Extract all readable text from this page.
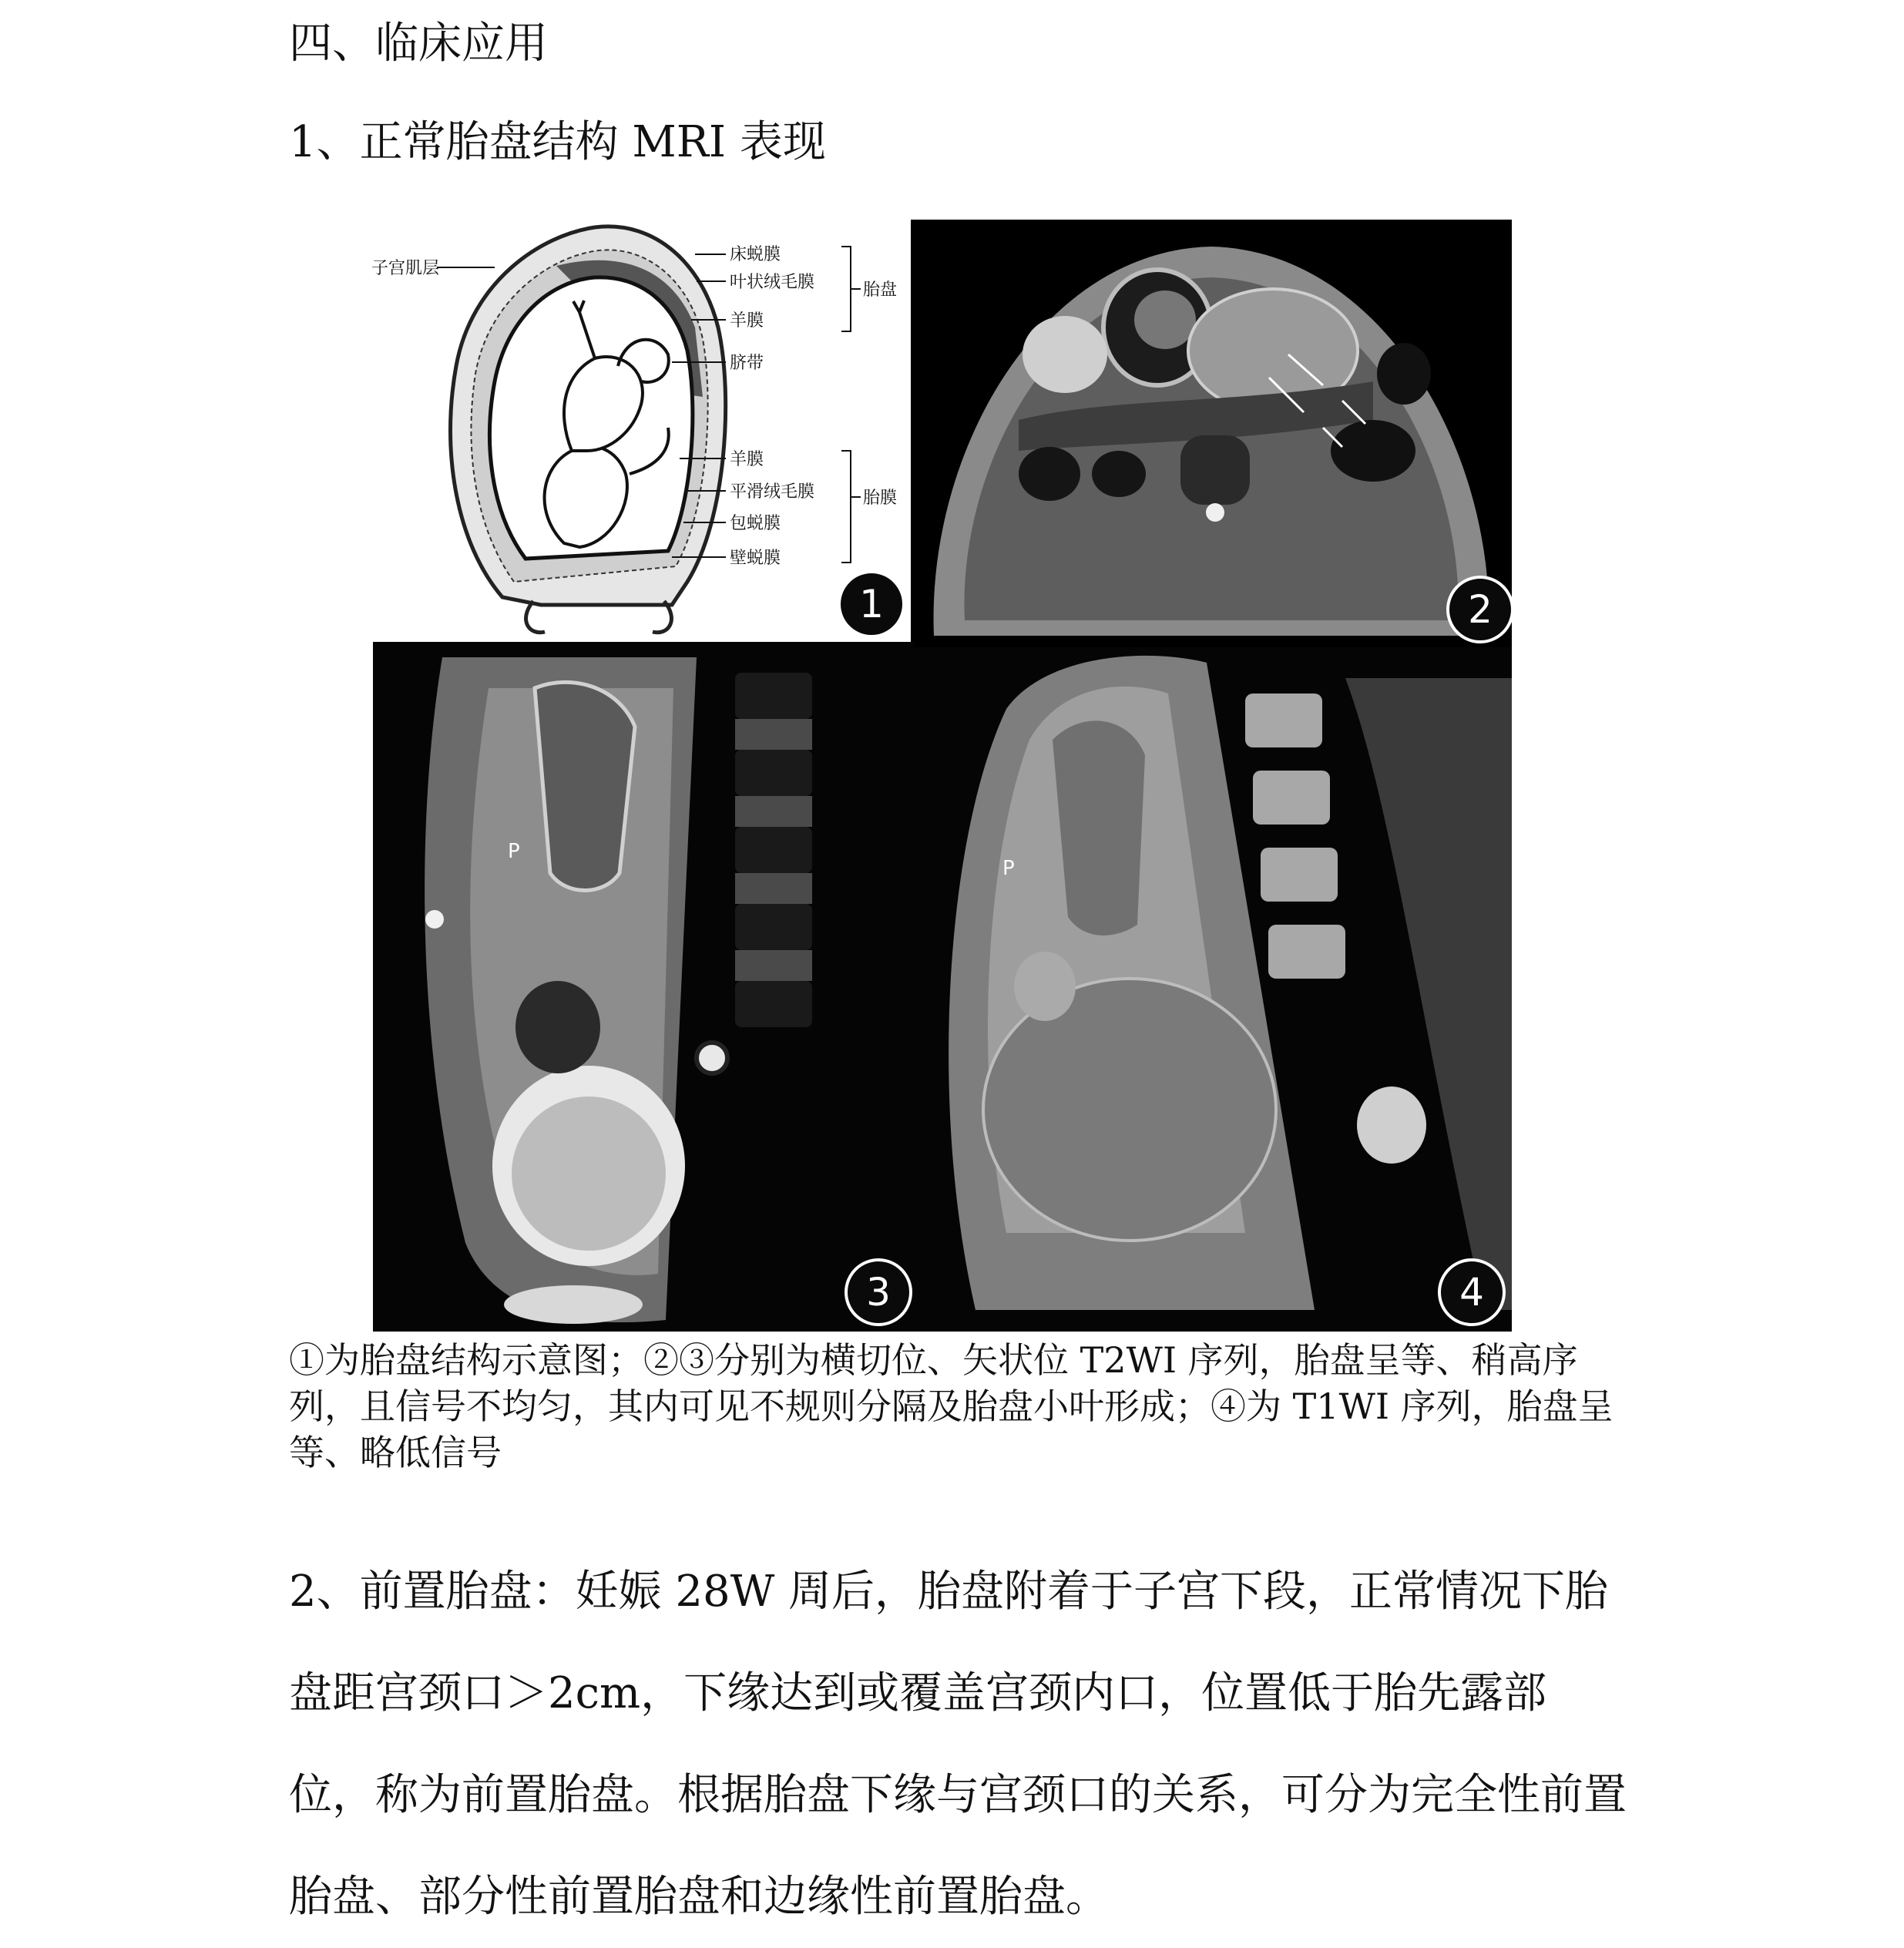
四、临床应用
1、正常胎盘结构 MRI 表现
子宫肌层
床蜕膜
叶状绒毛膜
羊膜
脐带
羊膜
平滑绒毛膜
包蜕膜
壁蜕膜
胎盘
胎膜
1	2
P
3
P
4
①为胎盘结构示意图；②③分别为横切位、矢状位 T2WI 序列，胎盘呈等、稍高序列，且信号不均匀，其内可见不规则分隔及胎盘小叶形成；④为 T1WI 序列，胎盘呈等、略低信号
2、前置胎盘：妊娠 28W 周后，胎盘附着于子宫下段，正常情况下胎盘距宫颈口＞2cm，下缘达到或覆盖宫颈内口，位置低于胎先露部位，称为前置胎盘。根据胎盘下缘与宫颈口的关系，可分为完全性前置胎盘、部分性前置胎盘和边缘性前置胎盘。
